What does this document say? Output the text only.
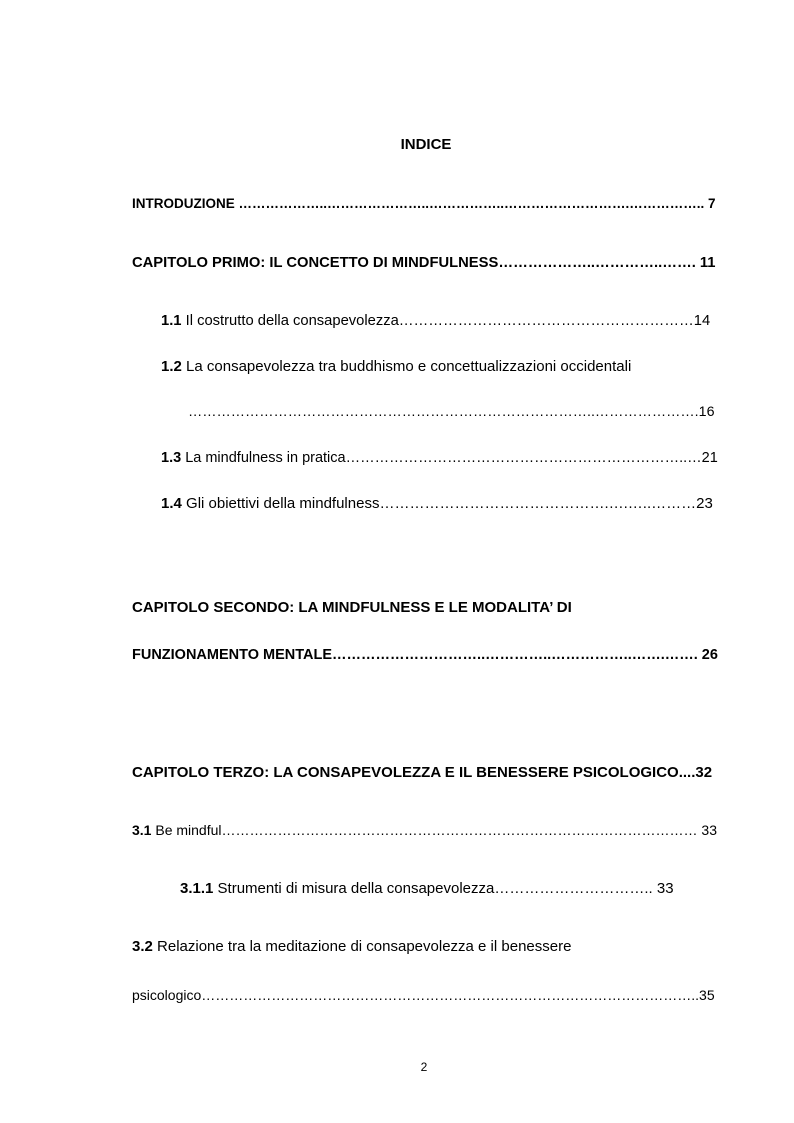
INDICE
INTRODUZIONE ………………..…………………..……………..……………………….…………….. 7
CAPITOLO PRIMO: IL CONCETTO DI MINDFULNESS………………..…………..……. 11
1.1 Il costrutto della consapevolezza……………………………………………………14
1.2 La consapevolezza tra buddhismo e concettualizzazioni occidentali
…………………………………………………………………………..………………….16
1.3 La mindfulness in pratica……………………………………………………………..…21
1.4 Gli obiettivi della mindfulness……………………………………….….…..………23
CAPITOLO SECONDO: LA MINDFULNESS E LE MODALITA’ DI
FUNZIONAMENTO MENTALE…………………………..…………..……………..…….……. 26
CAPITOLO TERZO: LA CONSAPEVOLEZZA E IL BENESSERE PSICOLOGICO....32
3.1 Be mindful………………………………………………………………………………………… 33
3.1.1 Strumenti di misura della consapevolezza………………………….. 33
3.2 Relazione tra la meditazione di consapevolezza e il benessere
psicologico……………………………………………………………………………………………..35
2
